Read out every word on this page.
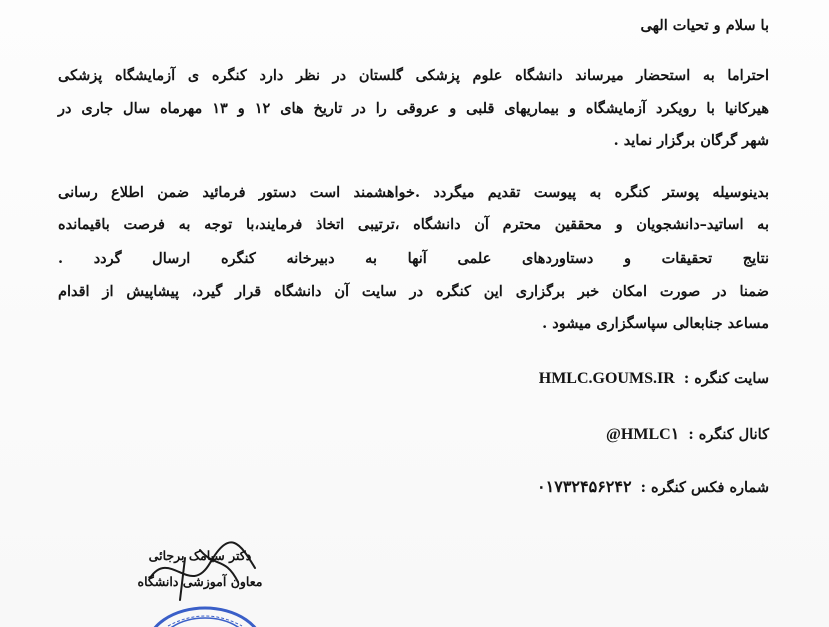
با سلام و تحیات الهی
احتراما به استحضار میرساند دانشگاه علوم پزشکی گلستان در نظر دارد کنگره ی آزمایشگاه پزشکی
هیرکانیا با رویکرد آزمایشگاه و بیماریهای قلبی و عروقی را در تاریخ های ۱۲ و ۱۳ مهرماه سال جاری در
شهر گرگان برگزار نماید .
بدینوسیله پوستر کنگره به پیوست تقدیم میگردد .خواهشمند است دستور فرمائید ضمن اطلاع رسانی
به اساتید–دانشجویان و محققین محترم آن دانشگاه ،ترتیبی اتخاذ فرمایند،با توجه به فرصت باقیمانده
نتایج تحقیقات و دستاوردهای علمی آنها به دبیرخانه کنگره ارسال گردد .
ضمنا در صورت امکان خبر برگزاری این کنگره در سایت آن دانشگاه قرار گیرد، پیشاپیش از اقدام
مساعد جنابعالی سپاسگزاری میشود .
سایت کنگره : HMLC.GOUMS.IR
کانال کنگره : @HMLC۱
شماره فکس کنگره : ۰۱۷۳۲۴۵۶۲۴۲
دکتر سیامک برجائی
معاون آموزشی دانشگاه
